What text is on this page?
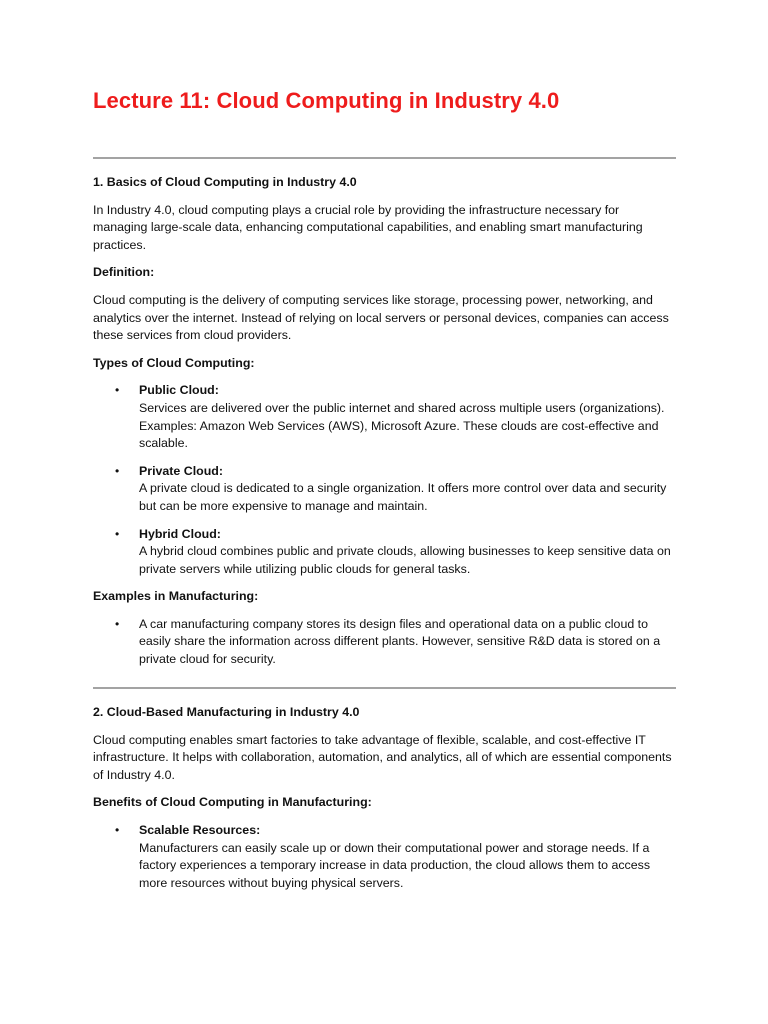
Lecture 11: Cloud Computing in Industry 4.0

1. Basics of Cloud Computing in Industry 4.0

In Industry 4.0, cloud computing plays a crucial role by providing the infrastructure necessary for managing large-scale data, enhancing computational capabilities, and enabling smart manufacturing practices.

Definition:

Cloud computing is the delivery of computing services like storage, processing power, networking, and analytics over the internet. Instead of relying on local servers or personal devices, companies can access these services from cloud providers.

Types of Cloud Computing:

• Public Cloud:
Services are delivered over the public internet and shared across multiple users (organizations). Examples: Amazon Web Services (AWS), Microsoft Azure. These clouds are cost-effective and scalable.
• Private Cloud:
A private cloud is dedicated to a single organization. It offers more control over data and security but can be more expensive to manage and maintain.
• Hybrid Cloud:
A hybrid cloud combines public and private clouds, allowing businesses to keep sensitive data on private servers while utilizing public clouds for general tasks.

Examples in Manufacturing:

• A car manufacturing company stores its design files and operational data on a public cloud to easily share the information across different plants. However, sensitive R&D data is stored on a private cloud for security.

2. Cloud-Based Manufacturing in Industry 4.0

Cloud computing enables smart factories to take advantage of flexible, scalable, and cost-effective IT infrastructure. It helps with collaboration, automation, and analytics, all of which are essential components of Industry 4.0.

Benefits of Cloud Computing in Manufacturing:

• Scalable Resources:
Manufacturers can easily scale up or down their computational power and storage needs. If a factory experiences a temporary increase in data production, the cloud allows them to access more resources without buying physical servers.
